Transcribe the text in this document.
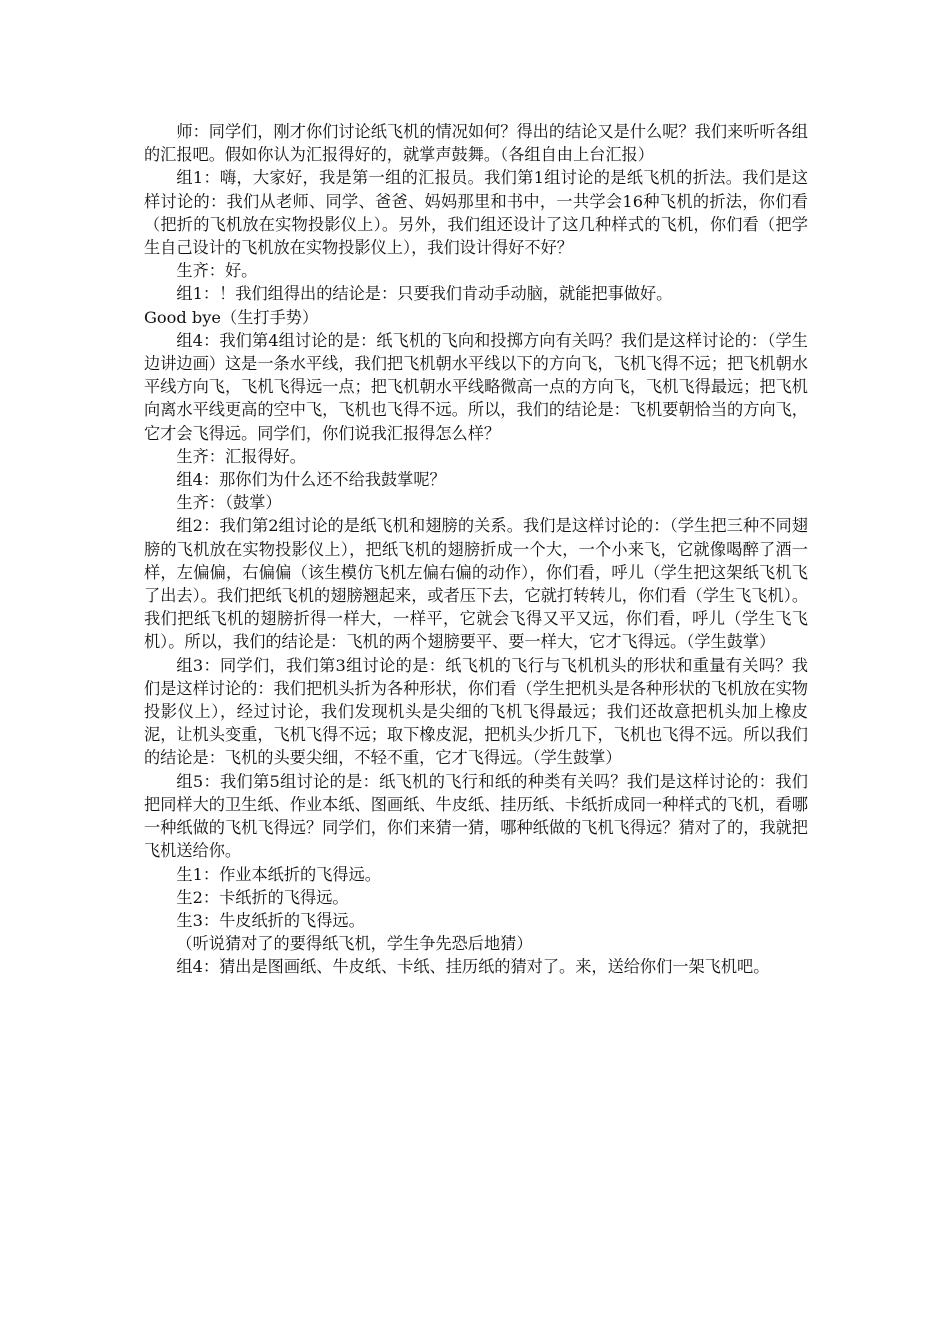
师：同学们，刚才你们讨论纸飞机的情况如何？得出的结论又是什么呢？我们来听听各组的汇报吧。假如你认为汇报得好的，就掌声鼓舞。（各组自由上台汇报）

组1：嗨，大家好，我是第一组的汇报员。我们第1组讨论的是纸飞机的折法。我们是这样讨论的：我们从老师、同学、爸爸、妈妈那里和书中，一共学会16种飞机的折法，你们看（把折的飞机放在实物投影仪上）。另外，我们组还设计了这几种样式的飞机，你们看（把学生自己设计的飞机放在实物投影仪上），我们设计得好不好？

生齐：好。

组1：！我们组得出的结论是：只要我们肯动手动脑，就能把事做好。

Good bye（生打手势）

组4：我们第4组讨论的是：纸飞机的飞向和投掷方向有关吗？我们是这样讨论的：（学生边讲边画）这是一条水平线，我们把飞机朝水平线以下的方向飞，飞机飞得不远；把飞机朝水平线方向飞，飞机飞得远一点；把飞机朝水平线略微高一点的方向飞，飞机飞得最远；把飞机向离水平线更高的空中飞，飞机也飞得不远。所以，我们的结论是：飞机要朝恰当的方向飞，它才会飞得远。同学们，你们说我汇报得怎么样？

生齐：汇报得好。

组4：那你们为什么还不给我鼓掌呢？

生齐：（鼓掌）

组2：我们第2组讨论的是纸飞机和翅膀的关系。我们是这样讨论的：（学生把三种不同翅膀的飞机放在实物投影仪上），把纸飞机的翅膀折成一个大，一个小来飞，它就像喝醉了酒一样，左偏偏，右偏偏（该生模仿飞机左偏右偏的动作），你们看，呼儿（学生把这架纸飞机飞了出去）。我们把纸飞机的翅膀翘起来，或者压下去，它就打转转儿，你们看（学生飞飞机）。我们把纸飞机的翅膀折得一样大，一样平，它就会飞得又平又远，你们看，呼儿（学生飞飞机）。所以，我们的结论是：飞机的两个翅膀要平、要一样大，它才飞得远。（学生鼓掌）

组3：同学们，我们第3组讨论的是：纸飞机的飞行与飞机机头的形状和重量有关吗？我们是这样讨论的：我们把机头折为各种形状，你们看（学生把机头是各种形状的飞机放在实物投影仪上），经过讨论，我们发现机头是尖细的飞机飞得最远；我们还故意把机头加上橡皮泥，让机头变重，飞机飞得不远；取下橡皮泥，把机头少折几下，飞机也飞得不远。所以我们的结论是：飞机的头要尖细，不轻不重，它才飞得远。（学生鼓掌）

组5：我们第5组讨论的是：纸飞机的飞行和纸的种类有关吗？我们是这样讨论的：我们把同样大的卫生纸、作业本纸、图画纸、牛皮纸、挂历纸、卡纸折成同一种样式的飞机，看哪一种纸做的飞机飞得远？同学们，你们来猜一猜，哪种纸做的飞机飞得远？猜对了的，我就把飞机送给你。

生1：作业本纸折的飞得远。

生2：卡纸折的飞得远。

生3：牛皮纸折的飞得远。

（听说猜对了的要得纸飞机，学生争先恐后地猜）

组4：猜出是图画纸、牛皮纸、卡纸、挂历纸的猜对了。来，送给你们一架飞机吧。
